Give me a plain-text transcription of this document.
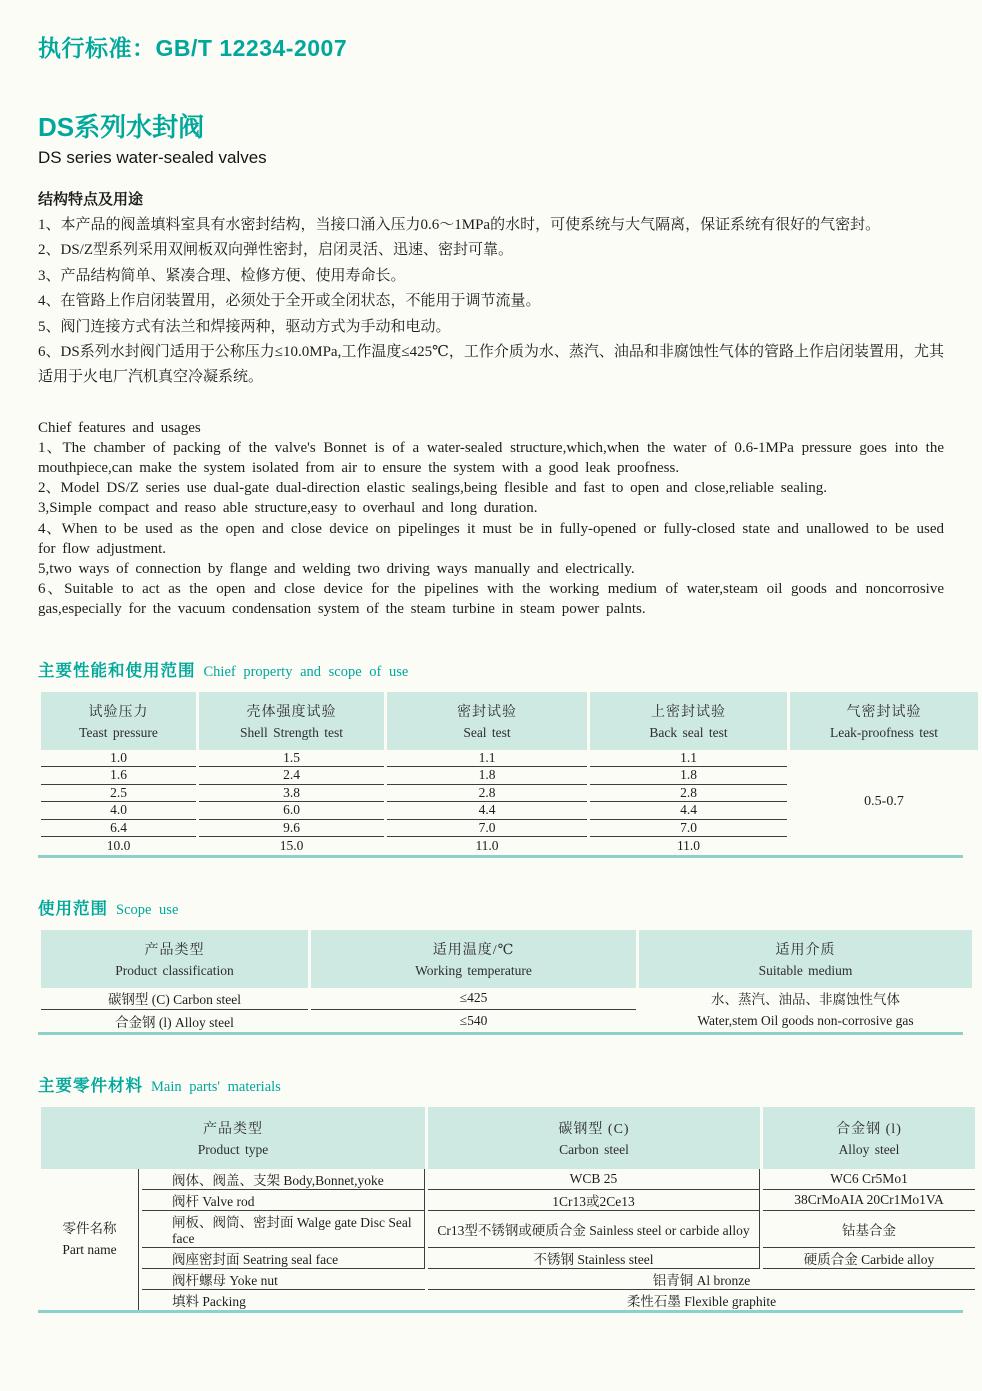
执行标准：GB/T 12234-2007
DS系列水封阀
DS series water-sealed valves

结构特点及用途

1、本产品的阀盖填料室具有水密封结构，当接口涌入压力0.6～1MPa的水时，可使系统与大气隔离，保证系统有很好的气密封。

2、DS/Z型系列采用双闸板双向弹性密封，启闭灵活、迅速、密封可靠。

3、产品结构简单、紧凑合理、检修方便、使用寿命长。

4、在管路上作启闭装置用，必须处于全开或全闭状态，不能用于调节流量。

5、阀门连接方式有法兰和焊接两种，驱动方式为手动和电动。

6、DS系列水封阀门适用于公称压力≤10.0MPa,工作温度≤425℃，工作介质为水、蒸汽、油品和非腐蚀性气体的管路上作启闭装置用，尤其适用于火电厂汽机真空冷凝系统。

Chief features and usages

1、The chamber of packing of the valve's Bonnet is of a water-sealed structure,which,when the water of 0.6-1MPa pressure goes into the mouthpiece,can make the system isolated from air to ensure the system with a good leak proofness.

2、Model DS/Z series use dual-gate dual-direction elastic sealings,being flesible and fast to open and close,reliable sealing.

3,Simple compact and reaso able structure,easy to overhaul and long duration.

4、When to be used as the open and close device on pipelinges it must be in fully-opened or fully-closed state and unallowed to be used for flow adjustment.

5,two ways of connection by flange and welding two driving ways manually and electrically.

6、Suitable to act as the open and close device for the pipelines with the working medium of water,steam oil goods and noncorrosive gas,especially for the vacuum condensation system of the steam turbine in steam power palnts.

主要性能和使用范围 Chief property and scope of use
试验压力
Teast pressure

壳体强度试验
Shell Strength test

密封试验
Seal test

上密封试验
Back seal test

气密封试验
Leak-proofness test

1.0	1.5	1.1	1.1	0.5-0.7
1.6	2.4	1.8	1.8	
2.5	3.8	2.8	2.8	
4.0	6.0	4.4	4.4	
6.4	9.6	7.0	7.0	
10.0	15.0	11.0	11.0	
使用范围 Scope use
产品类型
Product classification

适用温度/℃
Working temperature

适用介质
Suitable medium

碳钢型 (C) Carbon steel	≤425	水、蒸汽、油品、非腐蚀性气体
Water,stem Oil goods non-corrosive gas

合金钢 (l) Alloy steel	≤540	
主要零件材料 Main parts' materials
产品类型
Product type

碳钢型 (C)
Carbon steel

合金钢 (l)
Alloy steel

零件名称
Part name	阀体、阀盖、支架 Body,Bonnet,yoke	WCB 25	WC6 Cr5Mo1
	阀杆 Valve rod	1Cr13或2Ce13	38CrMoAIA 20Cr1Mo1VA
	闸板、阀筒、密封面 Walge gate Disc Seal face	Cr13型不锈钢或硬质合金 Sainless steel or carbide alloy	钴基合金
	阀座密封面 Seatring seal face	不锈钢 Stainless steel	硬质合金 Carbide alloy
	阀杆螺母 Yoke nut	铝青铜 Al bronze	
	填料 Packing	柔性石墨 Flexible graphite	
